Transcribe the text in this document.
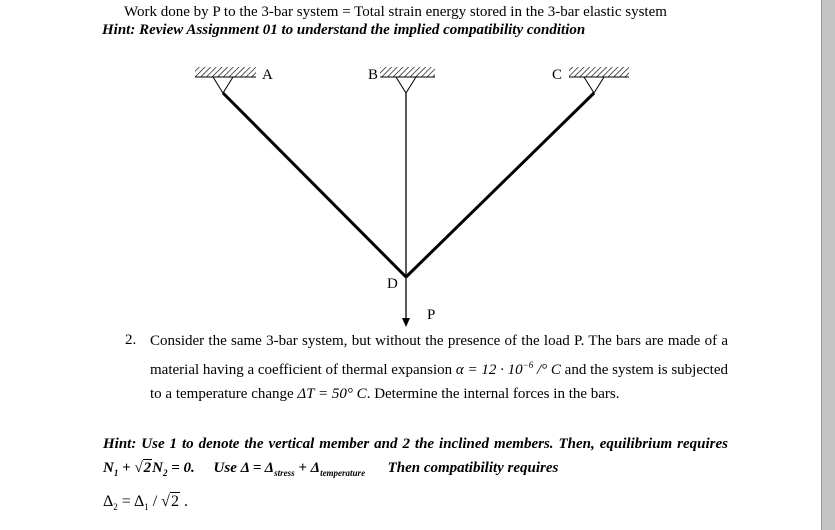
Work done by P to the 3-bar system = Total strain energy stored in the 3-bar elastic system
Hint: Review Assignment 01 to understand the implied compatibility condition
A	B	C
D
P
2. Consider the same 3-bar system, but without the presence of the load P. The bars are made of a material having a coefficient of thermal expansion $\alpha = 12 \cdot 10^{-6}$ /° C and the system is subjected to a temperature change ΔT = 50° C. Determine the internal forces in the bars.
Hint: Use 1 to denote the vertical member and 2 the inclined members. Then, equilibrium requires $N_1 + √2N_2 = 0$. Use $\Delta = \Delta_{stress} + \Delta_{temperature}$ Then compatibility requires
$\Delta_2 = \Delta_1 / √2$ .
